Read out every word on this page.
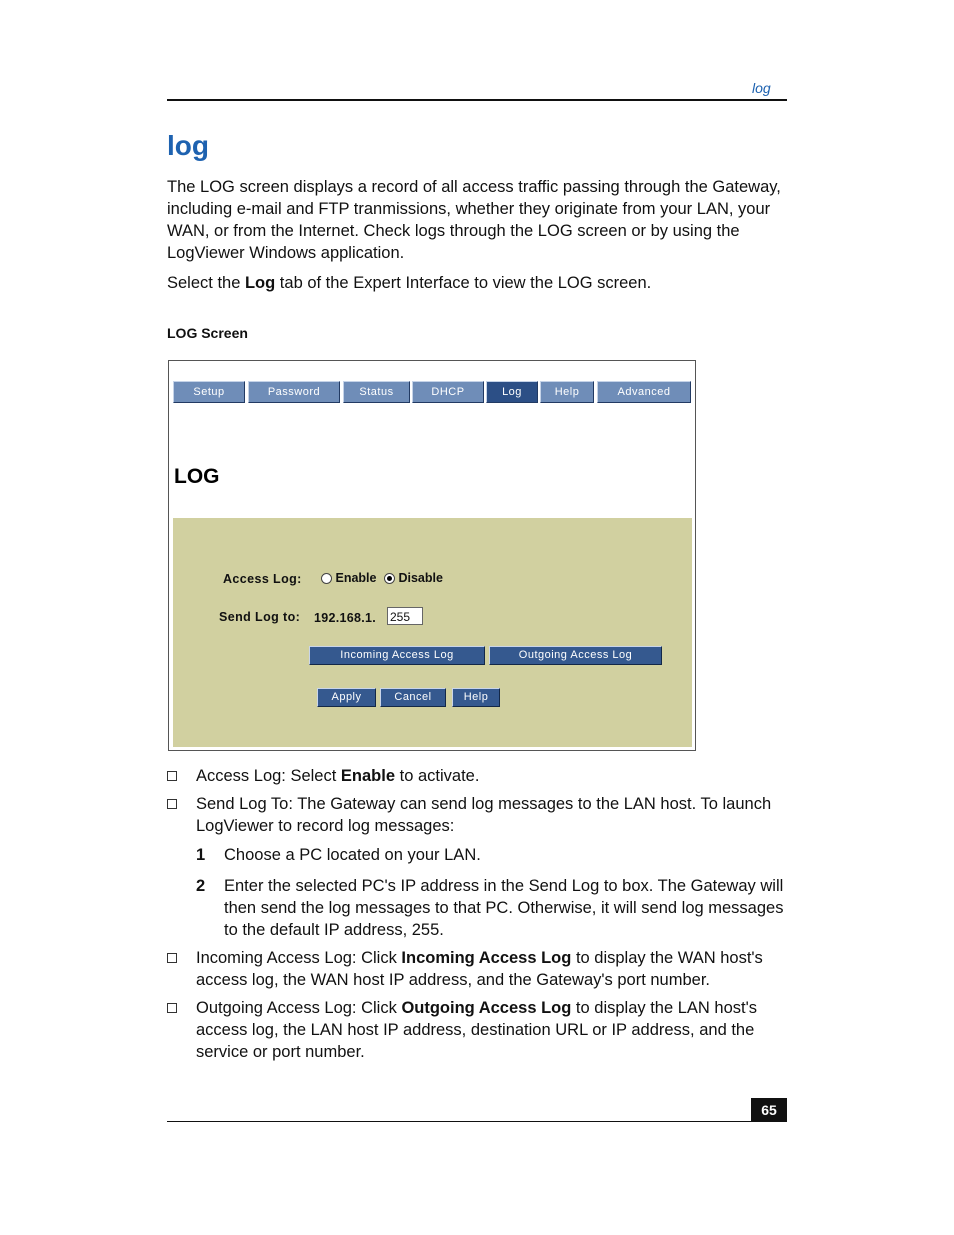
log
log
The LOG screen displays a record of all access traffic passing through the Gateway, including e-mail and FTP tranmissions, whether they originate from your LAN, your WAN, or from the Internet. Check logs through the LOG screen or by using the LogViewer Windows application.
Select the Log tab of the Expert Interface to view the LOG screen.
LOG Screen
Setup	Password	Status	DHCP	Log	Help	Advanced
LOG
Access Log:	Enable Disable
Send Log to: 192.168.1. 255
Incoming Access Log	Outgoing Access Log
Apply	Cancel	Help
Access Log: Select Enable to activate.
Send Log To: The Gateway can send log messages to the LAN host. To launch LogViewer to record log messages:
1 Choose a PC located on your LAN.
2 Enter the selected PC's IP address in the Send Log to box. The Gateway will then send the log messages to that PC. Otherwise, it will send log messages to the default IP address, 255.
Incoming Access Log: Click Incoming Access Log to display the WAN host's access log, the WAN host IP address, and the Gateway's port number.
Outgoing Access Log: Click Outgoing Access Log to display the LAN host's access log, the LAN host IP address, destination URL or IP address, and the service or port number.
65
